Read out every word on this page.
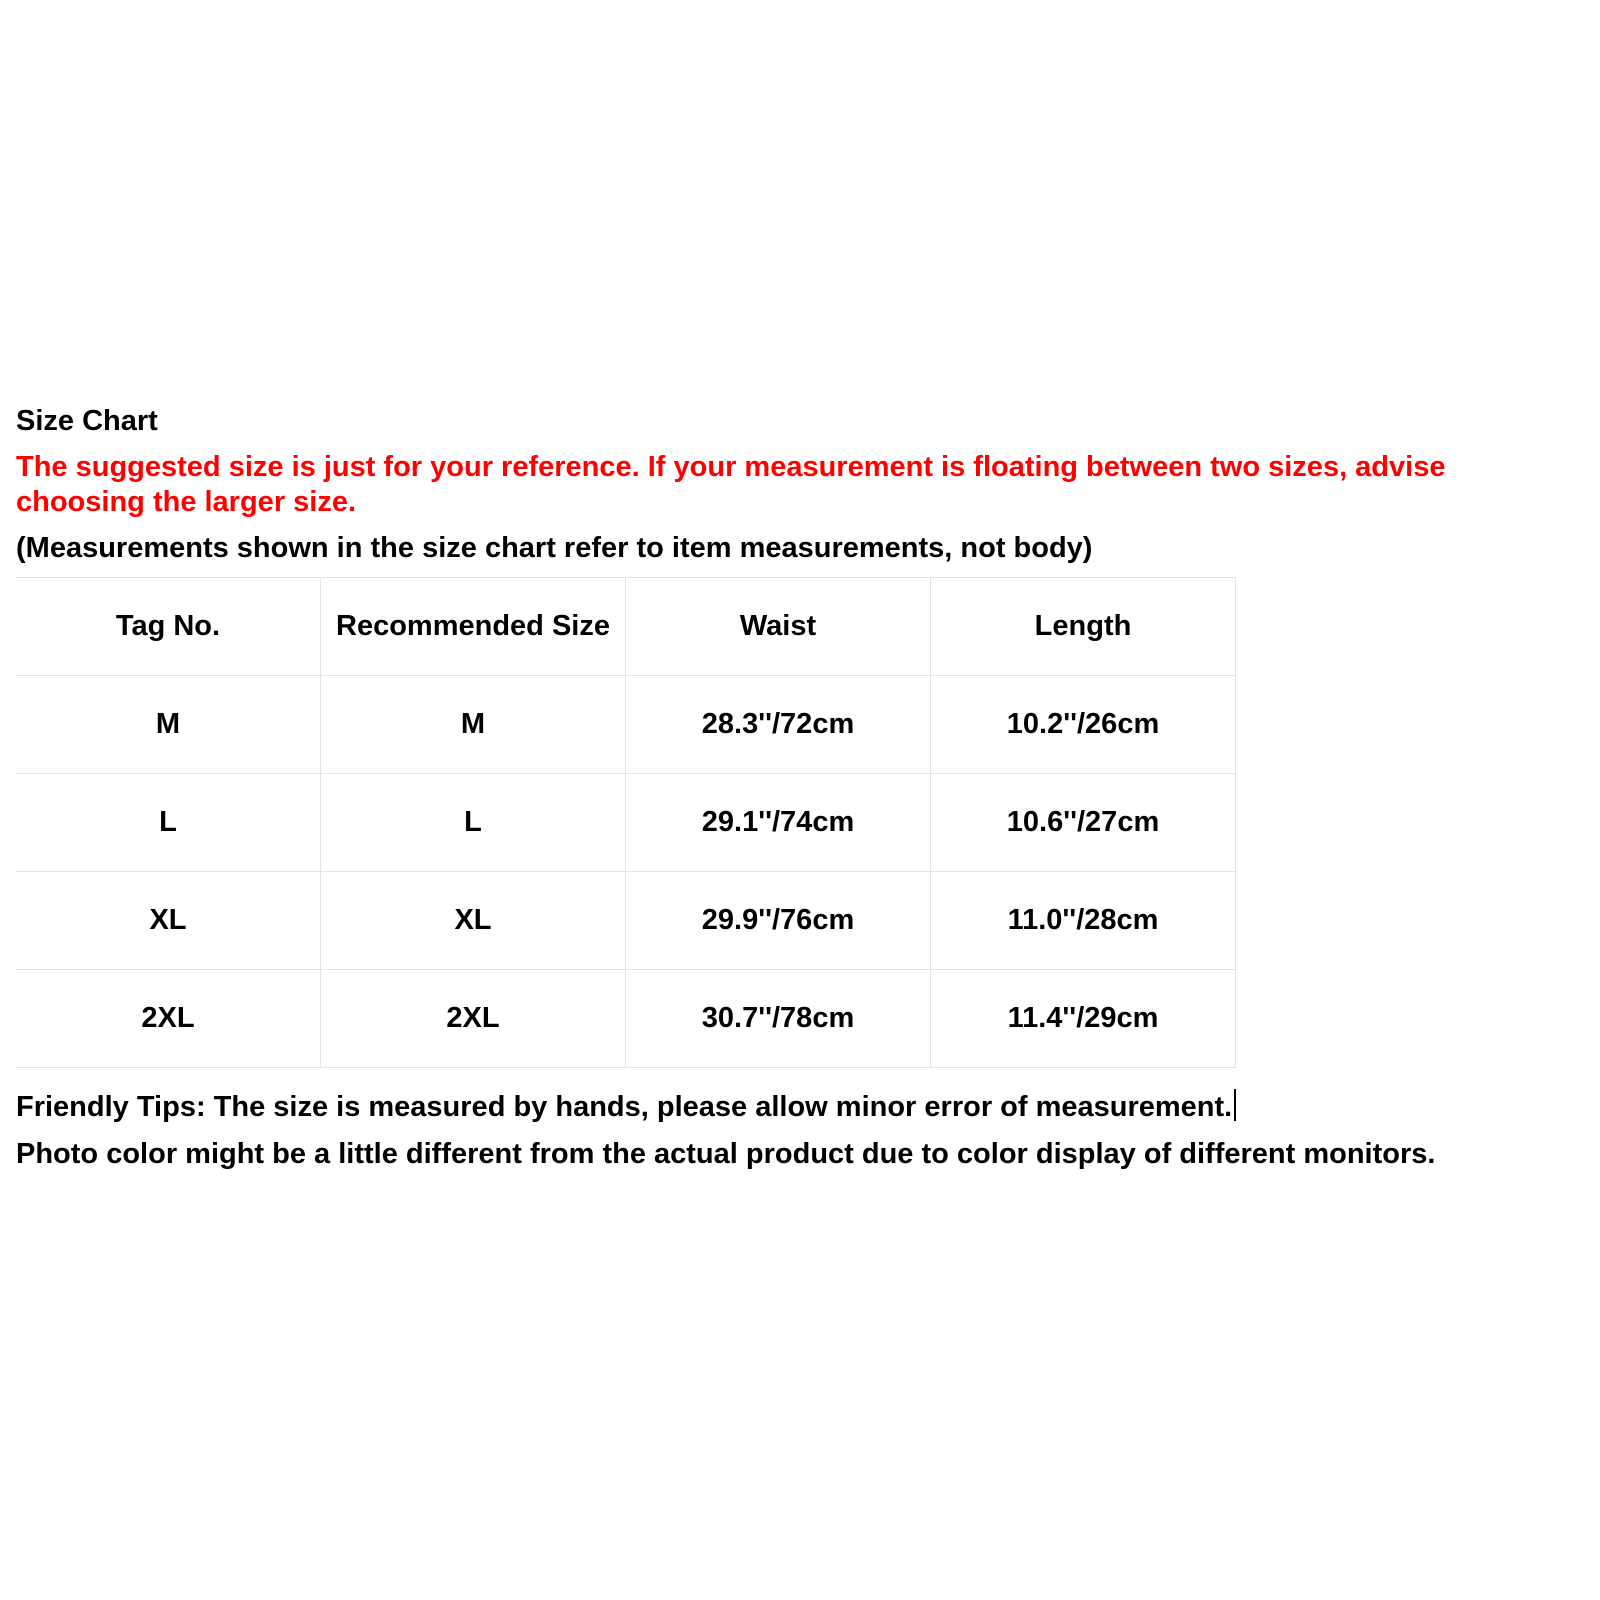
Size Chart

The suggested size is just for your reference. If your measurement is floating between two sizes, advise choosing the larger size.

(Measurements shown in the size chart refer to item measurements, not body)

Tag No.	Recommended Size	Waist	Length
M	M	28.3''/72cm	10.2''/26cm
L	L	29.1''/74cm	10.6''/27cm
XL	XL	29.9''/76cm	11.0''/28cm
2XL	2XL	30.7''/78cm	11.4''/29cm

Friendly Tips: The size is measured by hands, please allow minor error of measurement.

Photo color might be a little different from the actual product due to color display of different monitors.
